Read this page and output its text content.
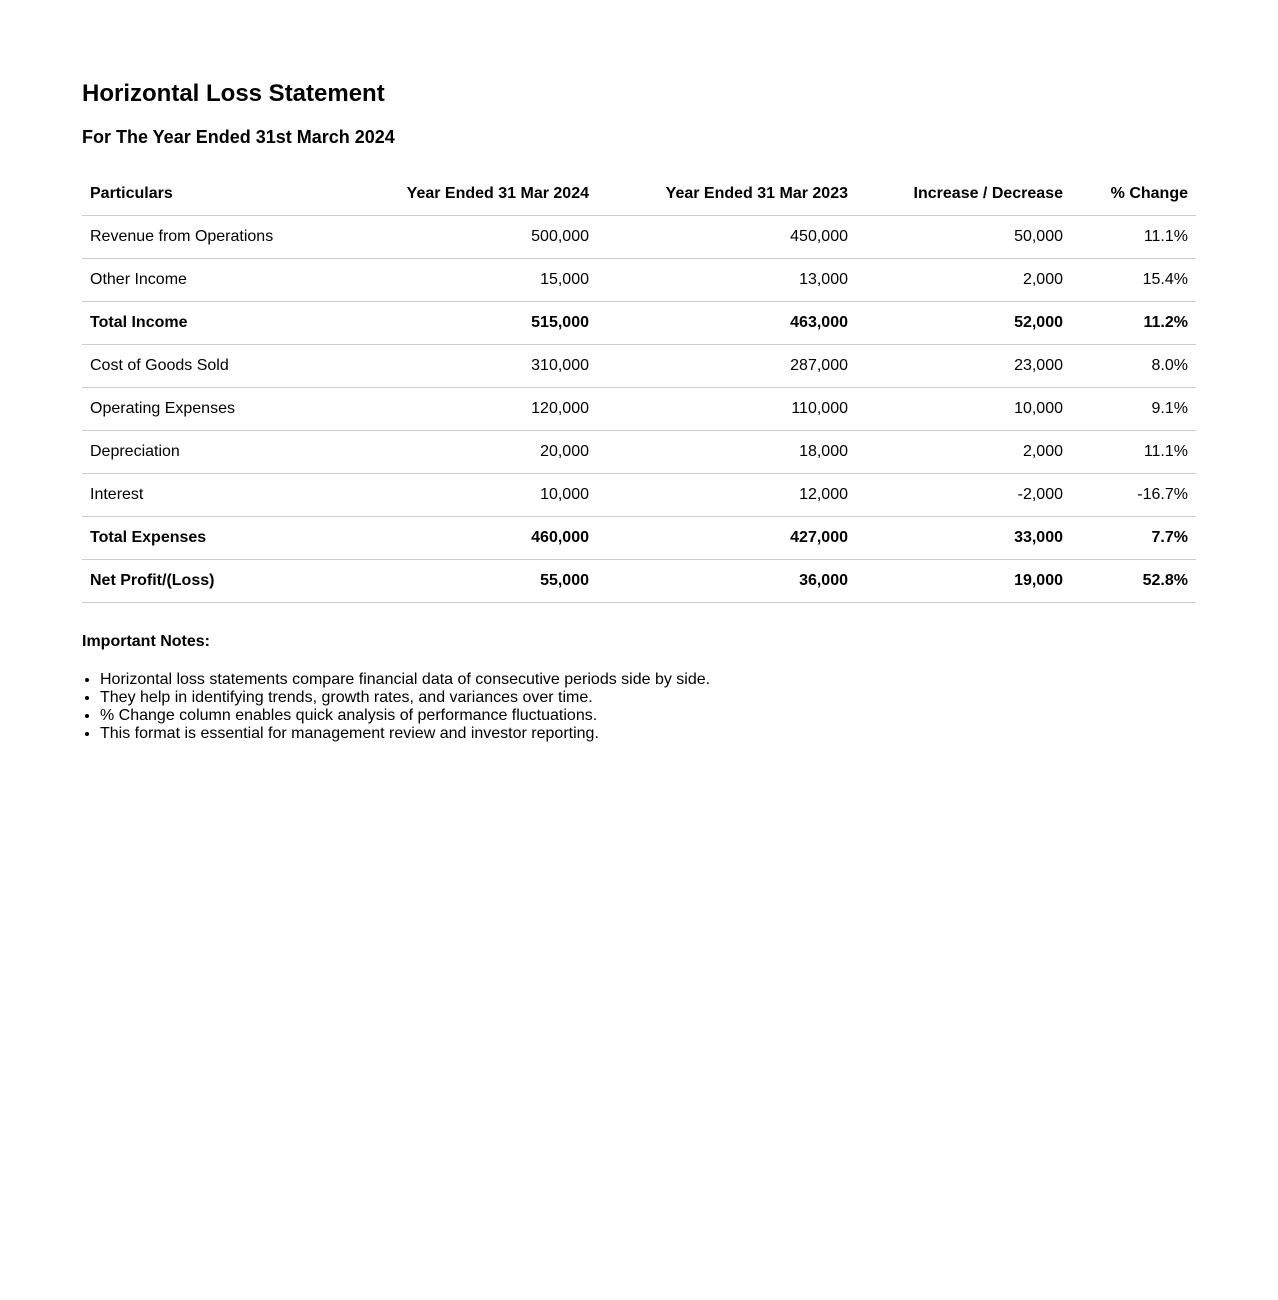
Horizontal Loss Statement
For The Year Ended 31st March 2024
Particulars	Year Ended 31 Mar 2024	Year Ended 31 Mar 2023	Increase / Decrease	% Change
Revenue from Operations	500,000	450,000	50,000	11.1%
Other Income	15,000	13,000	2,000	15.4%
Total Income	515,000	463,000	52,000	11.2%
Cost of Goods Sold	310,000	287,000	23,000	8.0%
Operating Expenses	120,000	110,000	10,000	9.1%
Depreciation	20,000	18,000	2,000	11.1%
Interest	10,000	12,000	-2,000	-16.7%
Total Expenses	460,000	427,000	33,000	7.7%
Net Profit/(Loss)	55,000	36,000	19,000	52.8%
Important Notes:
• Horizontal loss statements compare financial data of consecutive periods side by side.
• They help in identifying trends, growth rates, and variances over time.
• % Change column enables quick analysis of performance fluctuations.
• This format is essential for management review and investor reporting.
